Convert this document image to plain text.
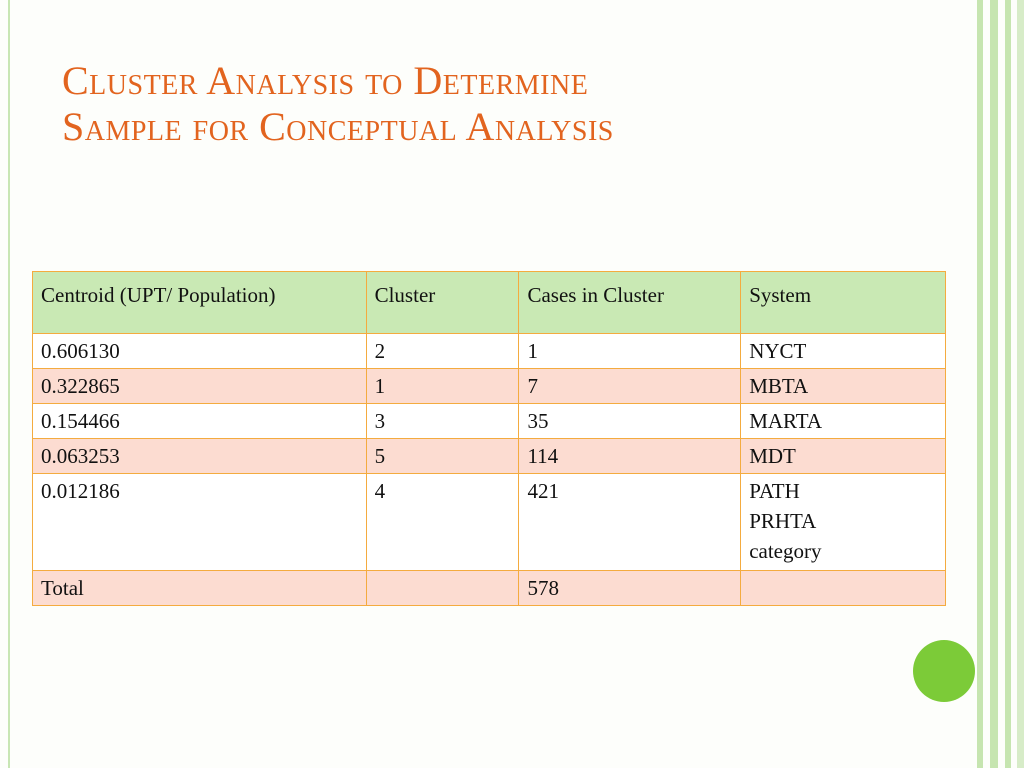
Cluster Analysis to Determine
Sample for Conceptual Analysis
Centroid (UPT/ Population)	Cluster	Cases in Cluster	System
0.606130	2	1	NYCT

0.322865	1	7	MBTA

0.154466	3	35	MARTA

0.063253	5	114	MDT

0.012186	4	421	PATH
PRHTA
category

Total		578	
